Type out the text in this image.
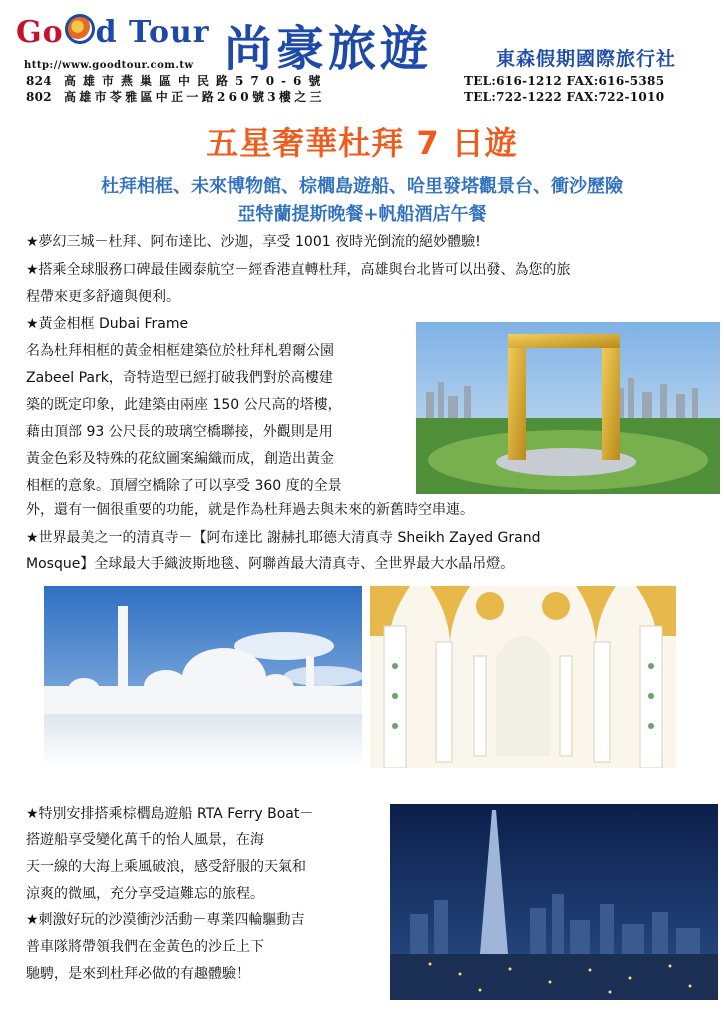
Go d Tour
http://www.goodtour.com.tw 尚豪旅遊	東森假期國際旅行社
824 高雄市燕巢區中民路570-6號	TEL:616-1212 FAX:616-5385
802 高雄市苓雅區中正一路260號3樓之三	TEL:722-1222 FAX:722-1010
五星奢華杜拜 7 日遊
杜拜相框、未來博物館、棕櫚島遊船、哈里發塔觀景台、衝沙歷險
亞特蘭提斯晚餐+帆船酒店午餐
★夢幻三城－杜拜、阿布達比、沙迦，享受 1001 夜時光倒流的絕妙體驗!
★搭乘全球服務口碑最佳國泰航空－經香港直轉杜拜，高雄與台北皆可以出發、為您的旅
程帶來更多舒適與便利。
★黃金相框 Dubai Frame
名為杜拜相框的黃金相框建築位於杜拜札碧爾公園
Zabeel Park，奇特造型已經打破我們對於高樓建
築的既定印象，此建築由兩座 150 公尺高的塔樓，
藉由頂部 93 公尺長的玻璃空橋聯接，外觀則是用
黃金色彩及特殊的花紋圖案編織而成，創造出黃金
相框的意象。頂層空橋除了可以享受 360 度的全景
外，還有一個很重要的功能，就是作為杜拜過去與未來的新舊時空串連。
★世界最美之一的清真寺－【阿布達比 謝赫扎耶德大清真寺 Sheikh Zayed Grand
Mosque】全球最大手織波斯地毯、阿聯酋最大清真寺、全世界最大水晶吊燈。
★特別安排搭乘棕櫚島遊船 RTA Ferry Boat－
搭遊船享受變化萬千的怡人風景，在海
天一線的大海上乘風破浪，感受舒服的天氣和
涼爽的微風，充分享受這難忘的旅程。
★刺激好玩的沙漠衝沙活動－專業四輪驅動吉
普車隊將帶領我們在金黃色的沙丘上下
馳騁，是來到杜拜必做的有趣體驗！
